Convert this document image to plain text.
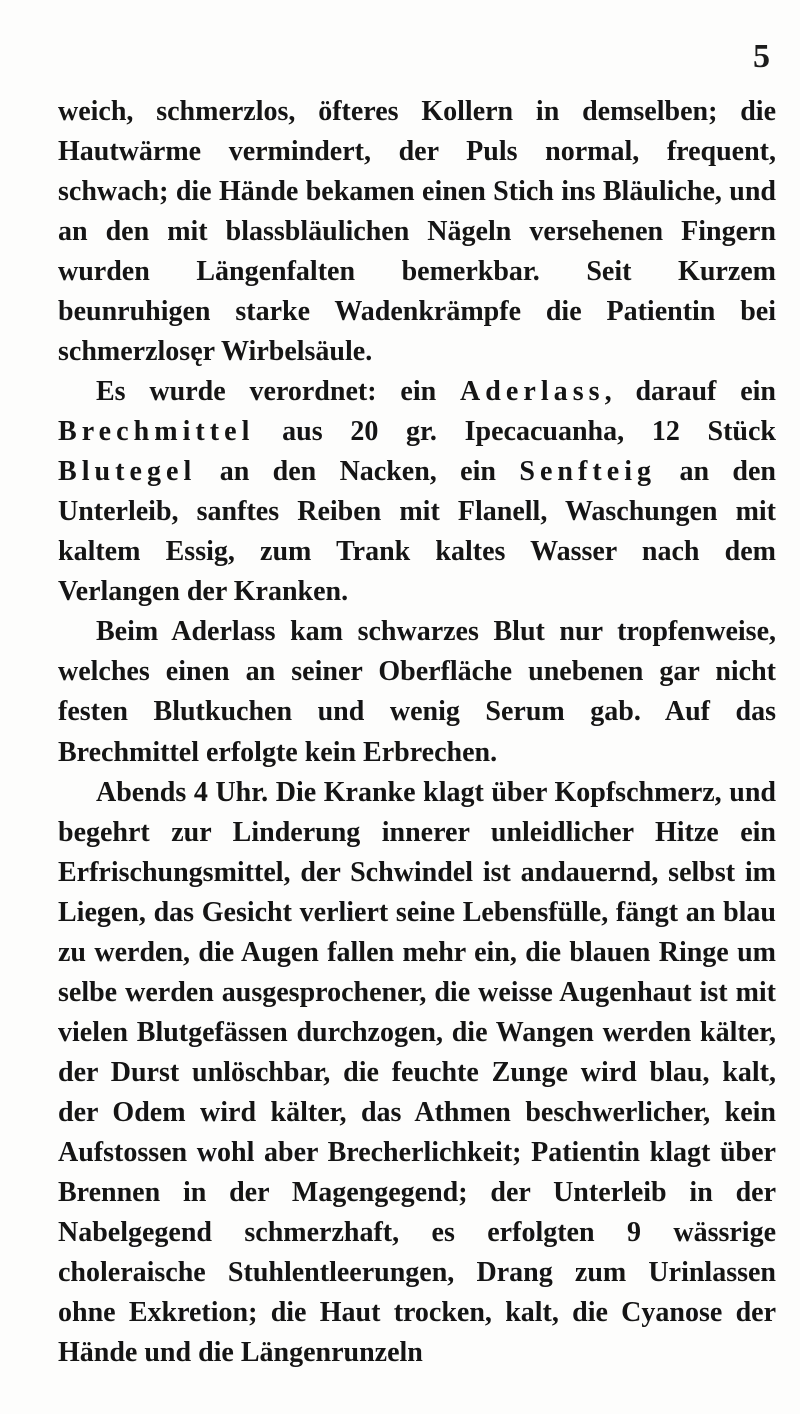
5

weich, schmerzlos, öfteres Kollern in demselben; die Hautwärme vermindert, der Puls normal, frequent, schwach; die Hände bekamen einen Stich ins Bläuliche, und an den mit blassbläulichen Nägeln versehenen Fingern wurden Längenfalten bemerkbar. Seit Kurzem beunruhigen starke Wadenkrämpfe die Patientin bei schmerzlosęr Wirbelsäule.

Es wurde verordnet: ein Aderlass, darauf ein Brechmittel aus 20 gr. Ipecacuanha, 12 Stück Blutegel an den Nacken, ein Senfteig an den Unterleib, sanftes Reiben mit Flanell, Waschungen mit kaltem Essig, zum Trank kaltes Wasser nach dem Verlangen der Kranken.

Beim Aderlass kam schwarzes Blut nur tropfenweise, welches einen an seiner Oberfläche unebenen gar nicht festen Blutkuchen und wenig Serum gab. Auf das Brechmittel erfolgte kein Erbrechen.

Abends 4 Uhr. Die Kranke klagt über Kopfschmerz, und begehrt zur Linderung innerer unleidlicher Hitze ein Erfrischungsmittel, der Schwindel ist andauernd, selbst im Liegen, das Gesicht verliert seine Lebensfülle, fängt an blau zu werden, die Augen fallen mehr ein, die blauen Ringe um selbe werden ausgesprochener, die weisse Augenhaut ist mit vielen Blutgefässen durchzogen, die Wangen werden kälter, der Durst unlöschbar, die feuchte Zunge wird blau, kalt, der Odem wird kälter, das Athmen beschwerlicher, kein Aufstossen wohl aber Brecherlichkeit; Patientin klagt über Brennen in der Magengegend; der Unterleib in der Nabelgegend schmerzhaft, es erfolgten 9 wässrige choleraische Stuhlentleerungen, Drang zum Urinlassen ohne Exkretion; die Haut trocken, kalt, die Cyanose der Hände und die Längenrunzeln
